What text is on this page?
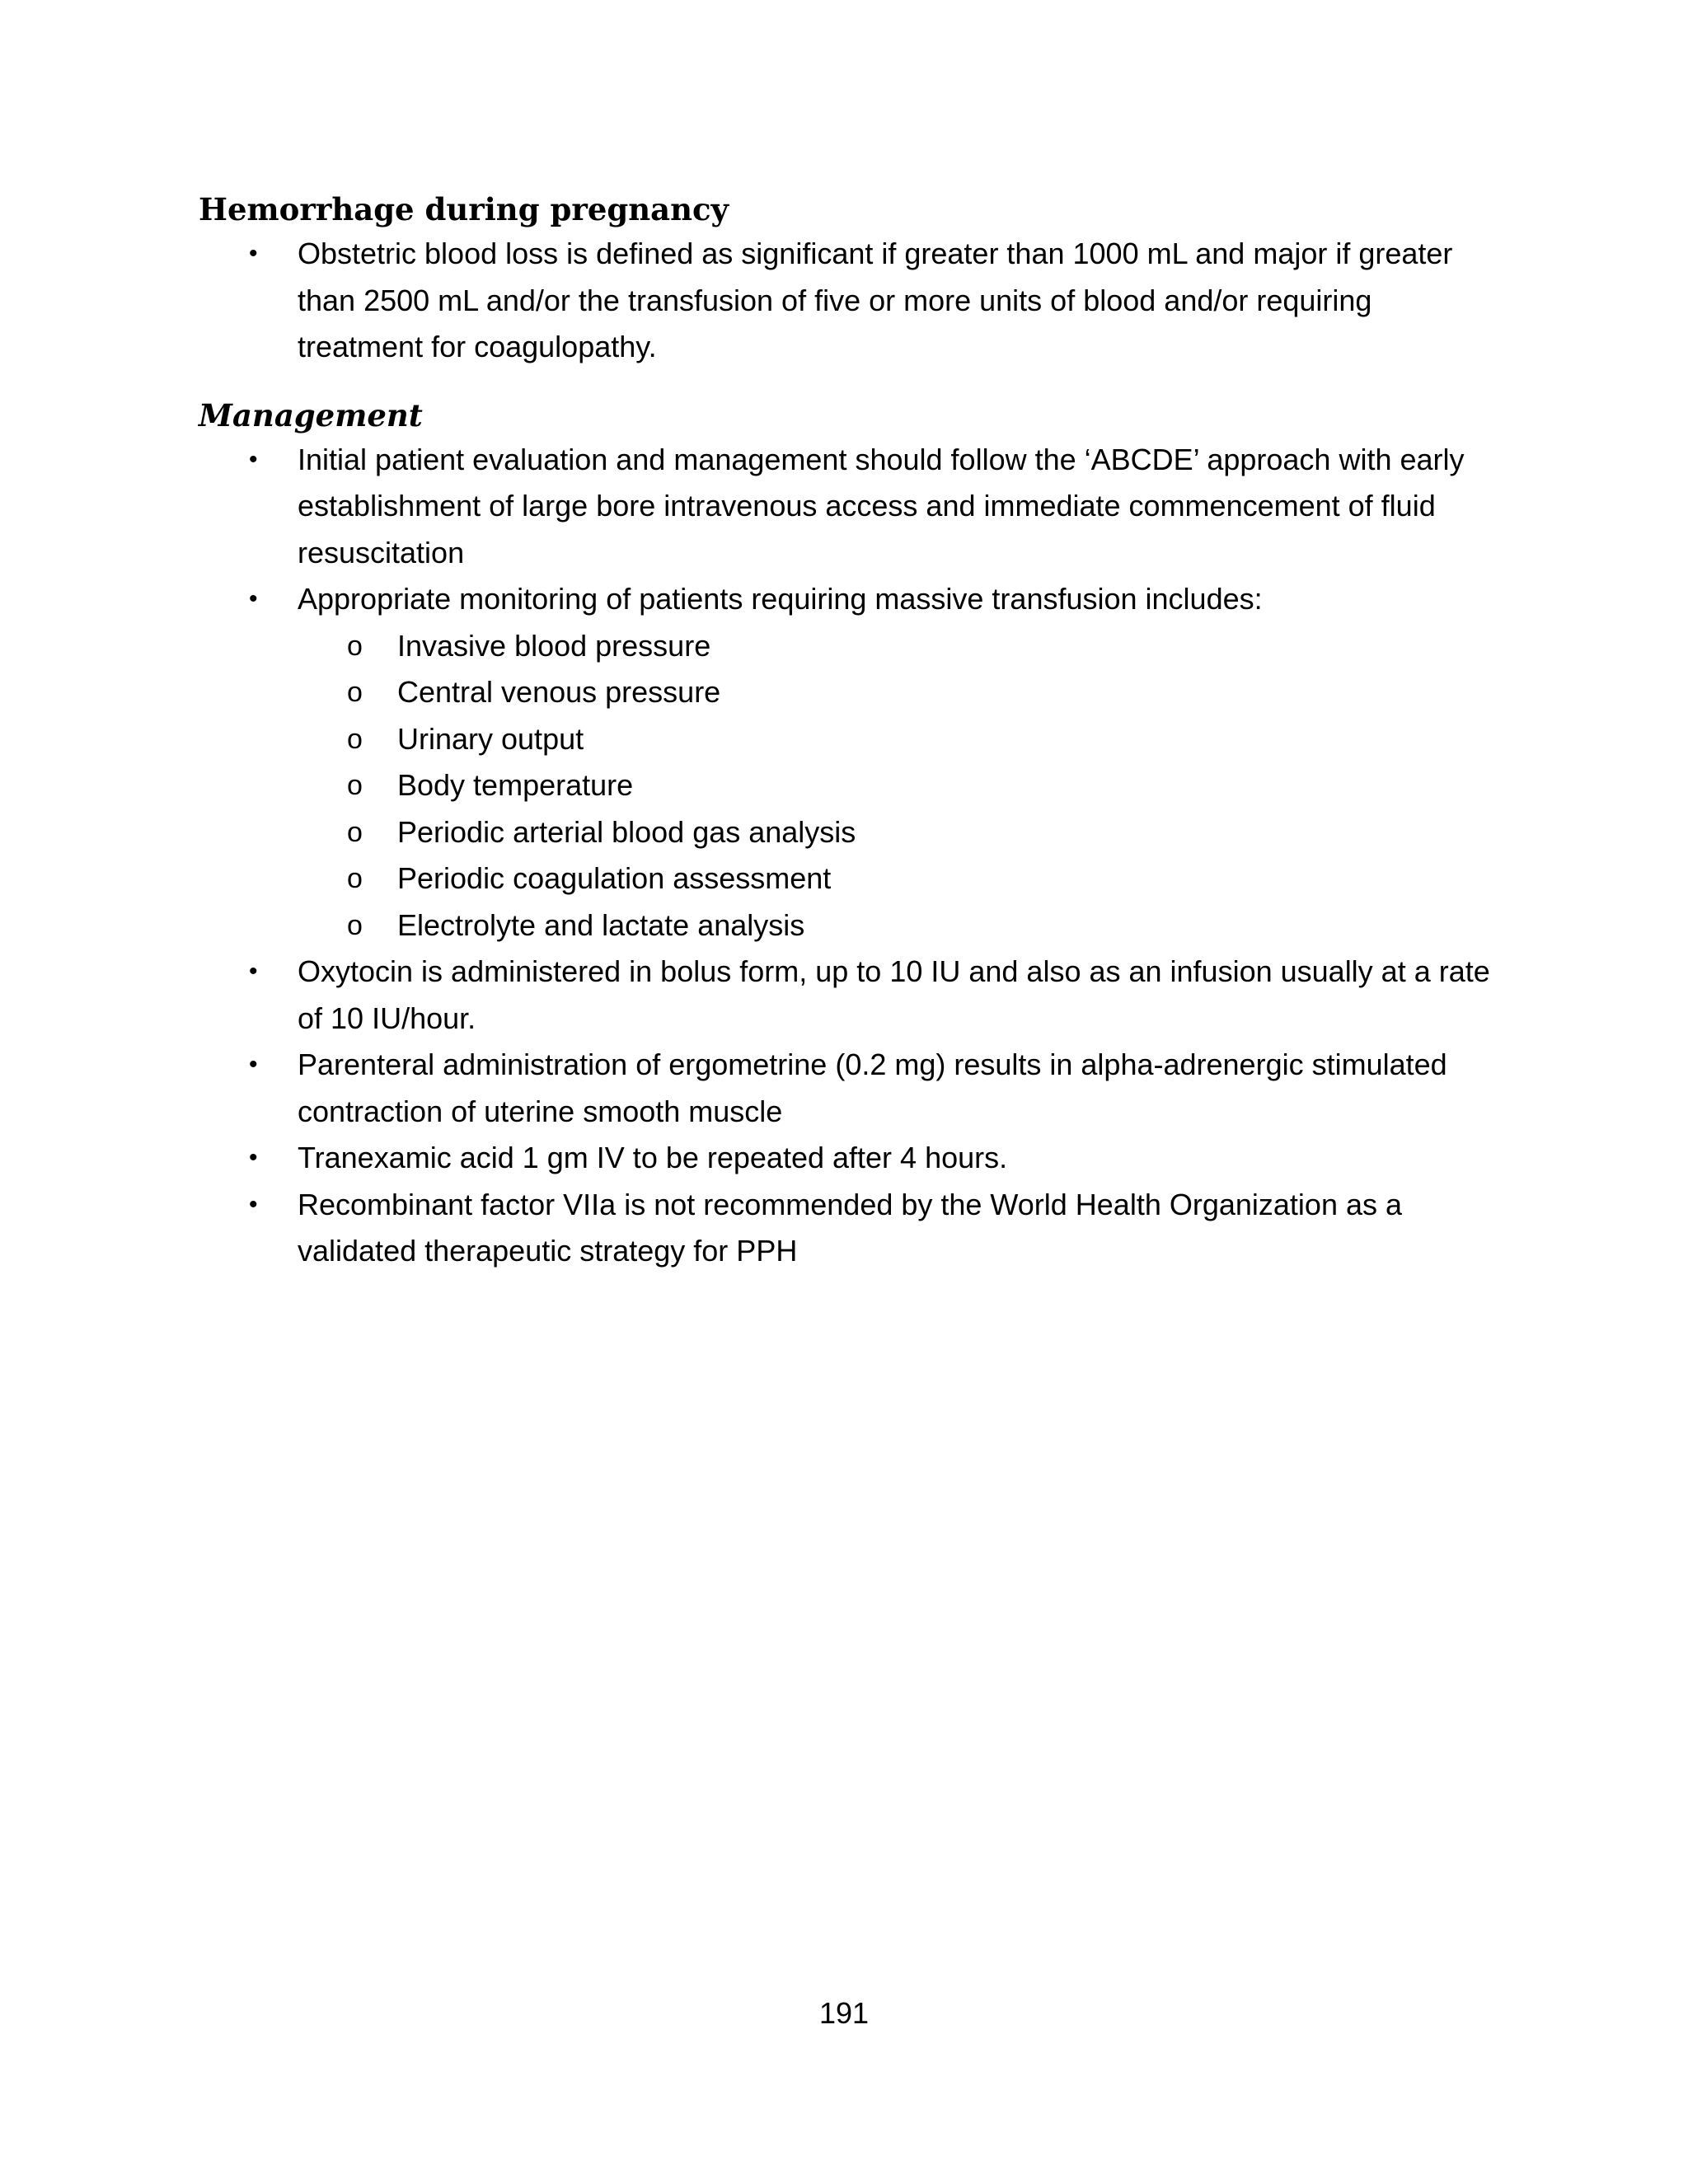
Hemorrhage during pregnancy
• Obstetric blood loss is defined as significant if greater than 1000 mL and major if greater than 2500 mL and/or the transfusion of five or more units of blood and/or requiring treatment for coagulopathy.
Management
• Initial patient evaluation and management should follow the ‘ABCDE’ approach with early establishment of large bore intravenous access and immediate commencement of fluid resuscitation
• Appropriate monitoring of patients requiring massive transfusion includes:
o Invasive blood pressure
o Central venous pressure
o Urinary output
o Body temperature
o Periodic arterial blood gas analysis
o Periodic coagulation assessment
o Electrolyte and lactate analysis
• Oxytocin is administered in bolus form, up to 10 IU and also as an infusion usually at a rate of 10 IU/hour.
• Parenteral administration of ergometrine (0.2 mg) results in alpha-adrenergic stimulated contraction of uterine smooth muscle
• Tranexamic acid 1 gm IV to be repeated after 4 hours.
• Recombinant factor VIIa is not recommended by the World Health Organization as a validated therapeutic strategy for PPH
191
